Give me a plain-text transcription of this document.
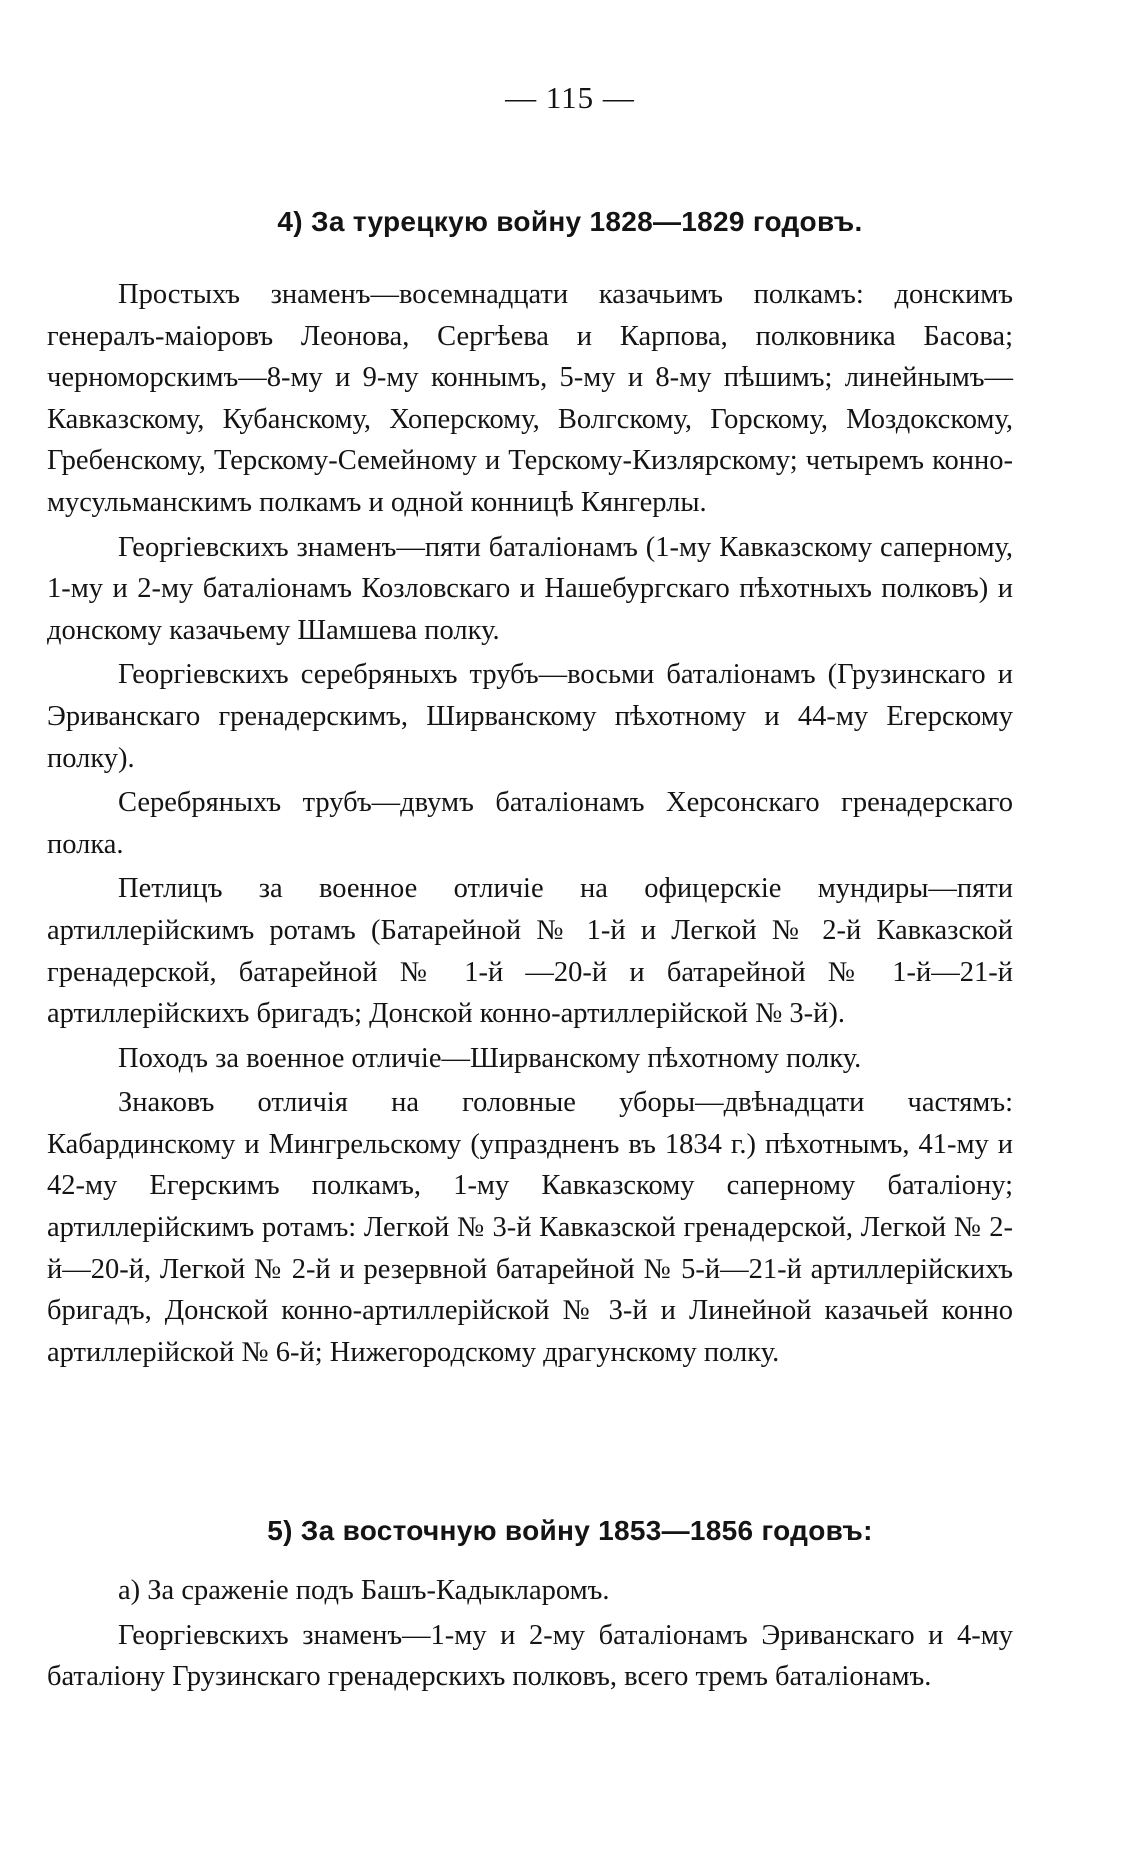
— 115 —
4) За турецкую войну 1828—1829 годовъ.

Простыхъ знаменъ—восемнадцати казачьимъ полкамъ: донскимъ генералъ-маіоровъ Леонова, Сергѣева и Карпова, полковника Басова; черноморскимъ—8-му и 9-му коннымъ, 5-му и 8-му пѣшимъ; линейнымъ—Кавказскому, Кубанскому, Хоперскому, Волгскому, Горскому, Моздокскому, Гребенскому, Терскому-Семейному и Терскому-Кизлярскому; четыремъ конно-мусульманскимъ полкамъ и одной конницѣ Кянгерлы.

Георгіевскихъ знаменъ—пяти баталіонамъ (1-му Кавказскому саперному, 1-му и 2-му баталіонамъ Козловскаго и Нашебургскаго пѣхотныхъ полковъ) и донскому казачьему Шамшева полку.

Георгіевскихъ серебряныхъ трубъ—восьми баталіонамъ (Грузинскаго и Эриванскаго гренадерскимъ, Ширванскому пѣхотному и 44-му Егерскому полку).

Серебряныхъ трубъ—двумъ баталіонамъ Херсонскаго гренадерскаго полка.

Петлицъ за военное отличіе на офицерскіе мундиры—пяти артиллерійскимъ ротамъ (Батарейной № 1-й и Легкой № 2-й Кавказской гренадерской, батарейной № 1-й —20-й и батарейной № 1-й—21-й артиллерійскихъ бригадъ; Донской конно-артиллерійской № 3-й).

Походъ за военное отличіе—Ширванскому пѣхотному полку.

Знаковъ отличія на головные уборы—двѣнадцати частямъ: Кабардинскому и Мингрельскому (упраздненъ въ 1834 г.) пѣхотнымъ, 41-му и 42-му Егерскимъ полкамъ, 1-му Кавказскому саперному баталіону; артиллерійскимъ ротамъ: Легкой № 3-й Кавказской гренадерской, Легкой № 2-й—20-й, Легкой № 2-й и резервной батарейной № 5-й—21-й артиллерійскихъ бригадъ, Донской конно-артиллерійской № 3-й и Линейной казачьей конно артиллерійской № 6-й; Нижегородскому драгунскому полку.

5) За восточную войну 1853—1856 годовъ:

а) За сраженіе подъ Башъ-Кадыкларомъ.

Георгіевскихъ знаменъ—1-му и 2-му баталіонамъ Эриванскаго и 4-му баталіону Грузинскаго гренадерскихъ полковъ, всего тремъ баталіонамъ.
